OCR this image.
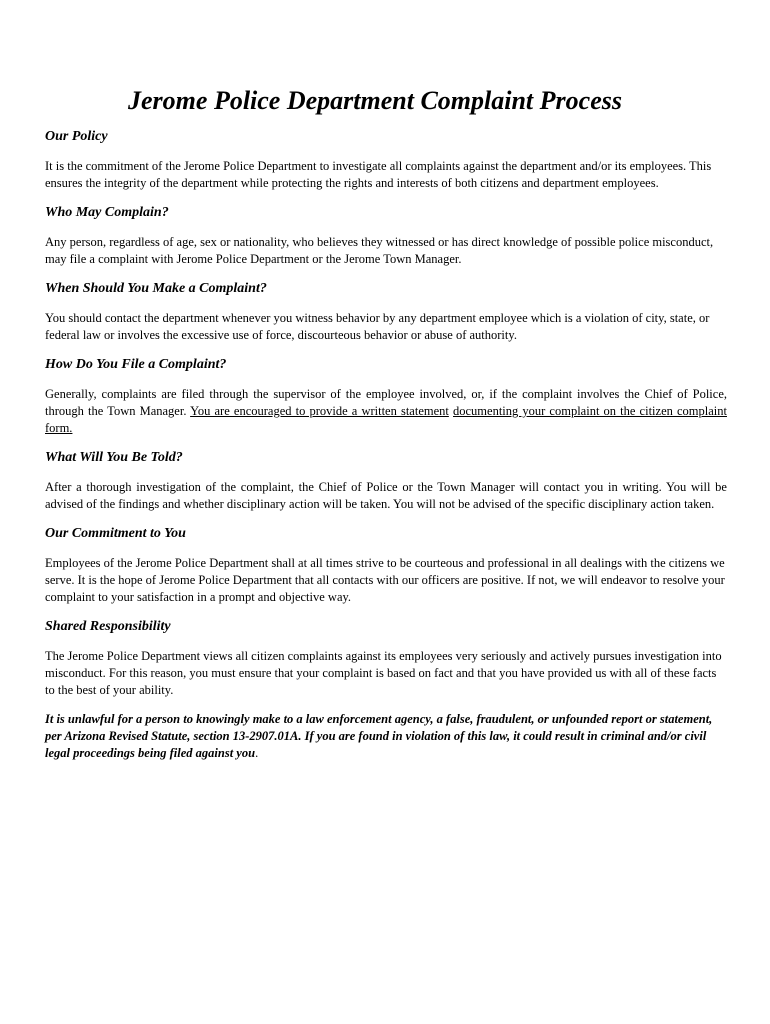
Jerome Police Department Complaint Process
Our Policy

It is the commitment of the Jerome Police Department to investigate all complaints against the department and/or its employees. This ensures the integrity of the department while protecting the rights and interests of both citizens and department employees.

Who May Complain?

Any person, regardless of age, sex or nationality, who believes they witnessed or has direct knowledge of possible police misconduct, may file a complaint with Jerome Police Department or the Jerome Town Manager.

When Should You Make a Complaint?

You should contact the department whenever you witness behavior by any department employee which is a violation of city, state, or federal law or involves the excessive use of force, discourteous behavior or abuse of authority.

How Do You File a Complaint?

Generally, complaints are filed through the supervisor of the employee involved, or, if the complaint involves the Chief of Police, through the Town Manager. You are encouraged to provide a written statement documenting your complaint on the citizen complaint form.

What Will You Be Told?

After a thorough investigation of the complaint, the Chief of Police or the Town Manager will contact you in writing. You will be advised of the findings and whether disciplinary action will be taken. You will not be advised of the specific disciplinary action taken.

Our Commitment to You

Employees of the Jerome Police Department shall at all times strive to be courteous and professional in all dealings with the citizens we serve. It is the hope of Jerome Police Department that all contacts with our officers are positive. If not, we will endeavor to resolve your complaint to your satisfaction in a prompt and objective way.

Shared Responsibility

The Jerome Police Department views all citizen complaints against its employees very seriously and actively pursues investigation into misconduct. For this reason, you must ensure that your complaint is based on fact and that you have provided us with all of these facts to the best of your ability.

It is unlawful for a person to knowingly make to a law enforcement agency, a false, fraudulent, or unfounded report or statement, per Arizona Revised Statute, section 13-2907.01A. If you are found in violation of this law, it could result in criminal and/or civil legal proceedings being filed against you.
